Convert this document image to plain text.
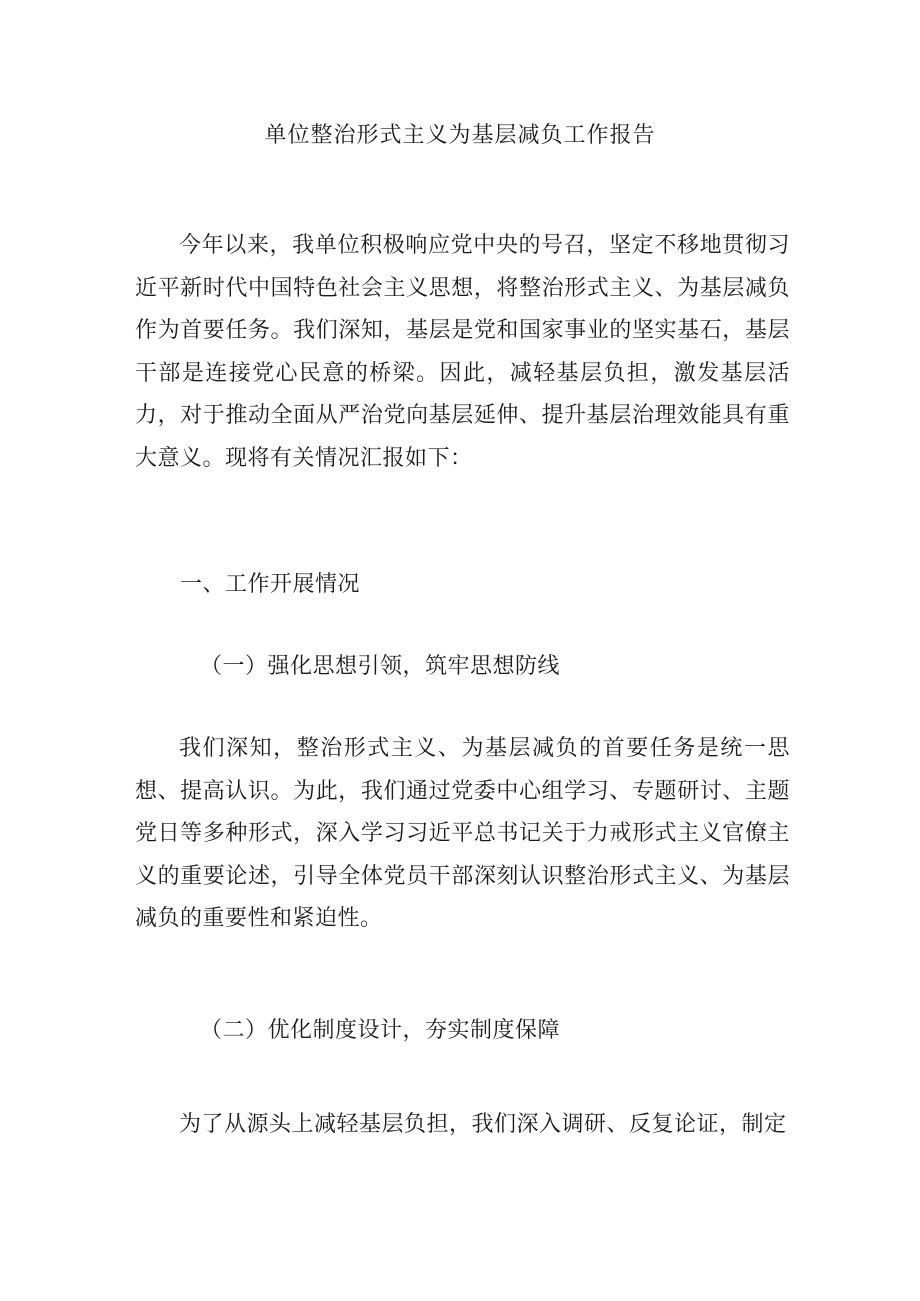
单位整治形式主义为基层减负工作报告

今年以来，我单位积极响应党中央的号召，坚定不移地贯彻习近平新时代中国特色社会主义思想，将整治形式主义、为基层减负作为首要任务。我们深知，基层是党和国家事业的坚实基石，基层干部是连接党心民意的桥梁。因此，减轻基层负担，激发基层活力，对于推动全面从严治党向基层延伸、提升基层治理效能具有重大意义。现将有关情况汇报如下：

一、工作开展情况
（一）强化思想引领，筑牢思想防线

我们深知，整治形式主义、为基层减负的首要任务是统一思想、提高认识。为此，我们通过党委中心组学习、专题研讨、主题党日等多种形式，深入学习习近平总书记关于力戒形式主义官僚主义的重要论述，引导全体党员干部深刻认识整治形式主义、为基层减负的重要性和紧迫性。

（二）优化制度设计，夯实制度保障

为了从源头上减轻基层负担，我们深入调研、反复论证，制定
